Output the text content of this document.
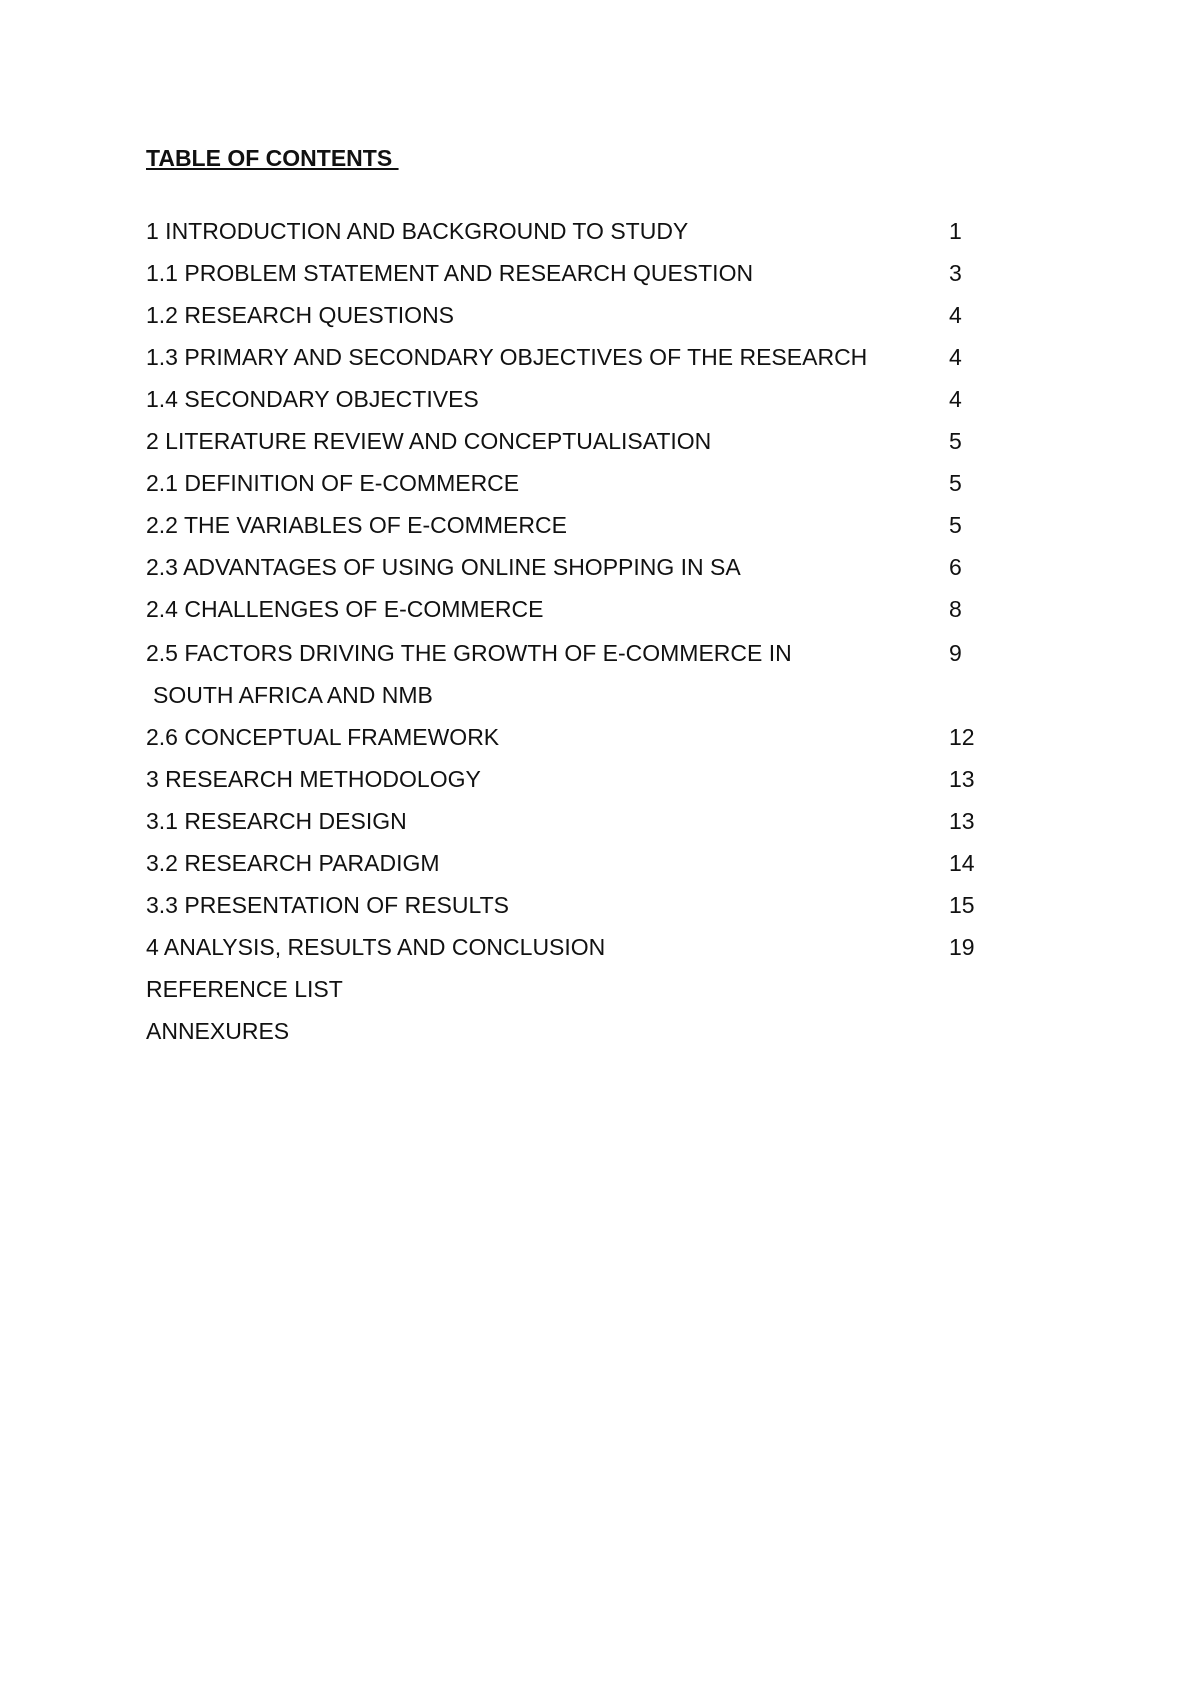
TABLE OF CONTENTS
1 INTRODUCTION AND BACKGROUND TO STUDY	1
1.1 PROBLEM STATEMENT AND RESEARCH QUESTION	3
1.2 RESEARCH QUESTIONS	4
1.3 PRIMARY AND SECONDARY OBJECTIVES OF THE RESEARCH	4
1.4 SECONDARY OBJECTIVES	4
2 LITERATURE REVIEW AND CONCEPTUALISATION	5
2.1 DEFINITION OF E-COMMERCE	5
2.2 THE VARIABLES OF E-COMMERCE	5
2.3 ADVANTAGES OF USING ONLINE SHOPPING IN SA	6
2.4 CHALLENGES OF E-COMMERCE	8
2.5 FACTORS DRIVING THE GROWTH OF E-COMMERCE IN	9
SOUTH AFRICA AND NMB
2.6 CONCEPTUAL FRAMEWORK	12
3 RESEARCH METHODOLOGY	13
3.1 RESEARCH DESIGN	13
3.2 RESEARCH PARADIGM	14
3.3 PRESENTATION OF RESULTS	15
4 ANALYSIS, RESULTS AND CONCLUSION	19
REFERENCE LIST
ANNEXURES
